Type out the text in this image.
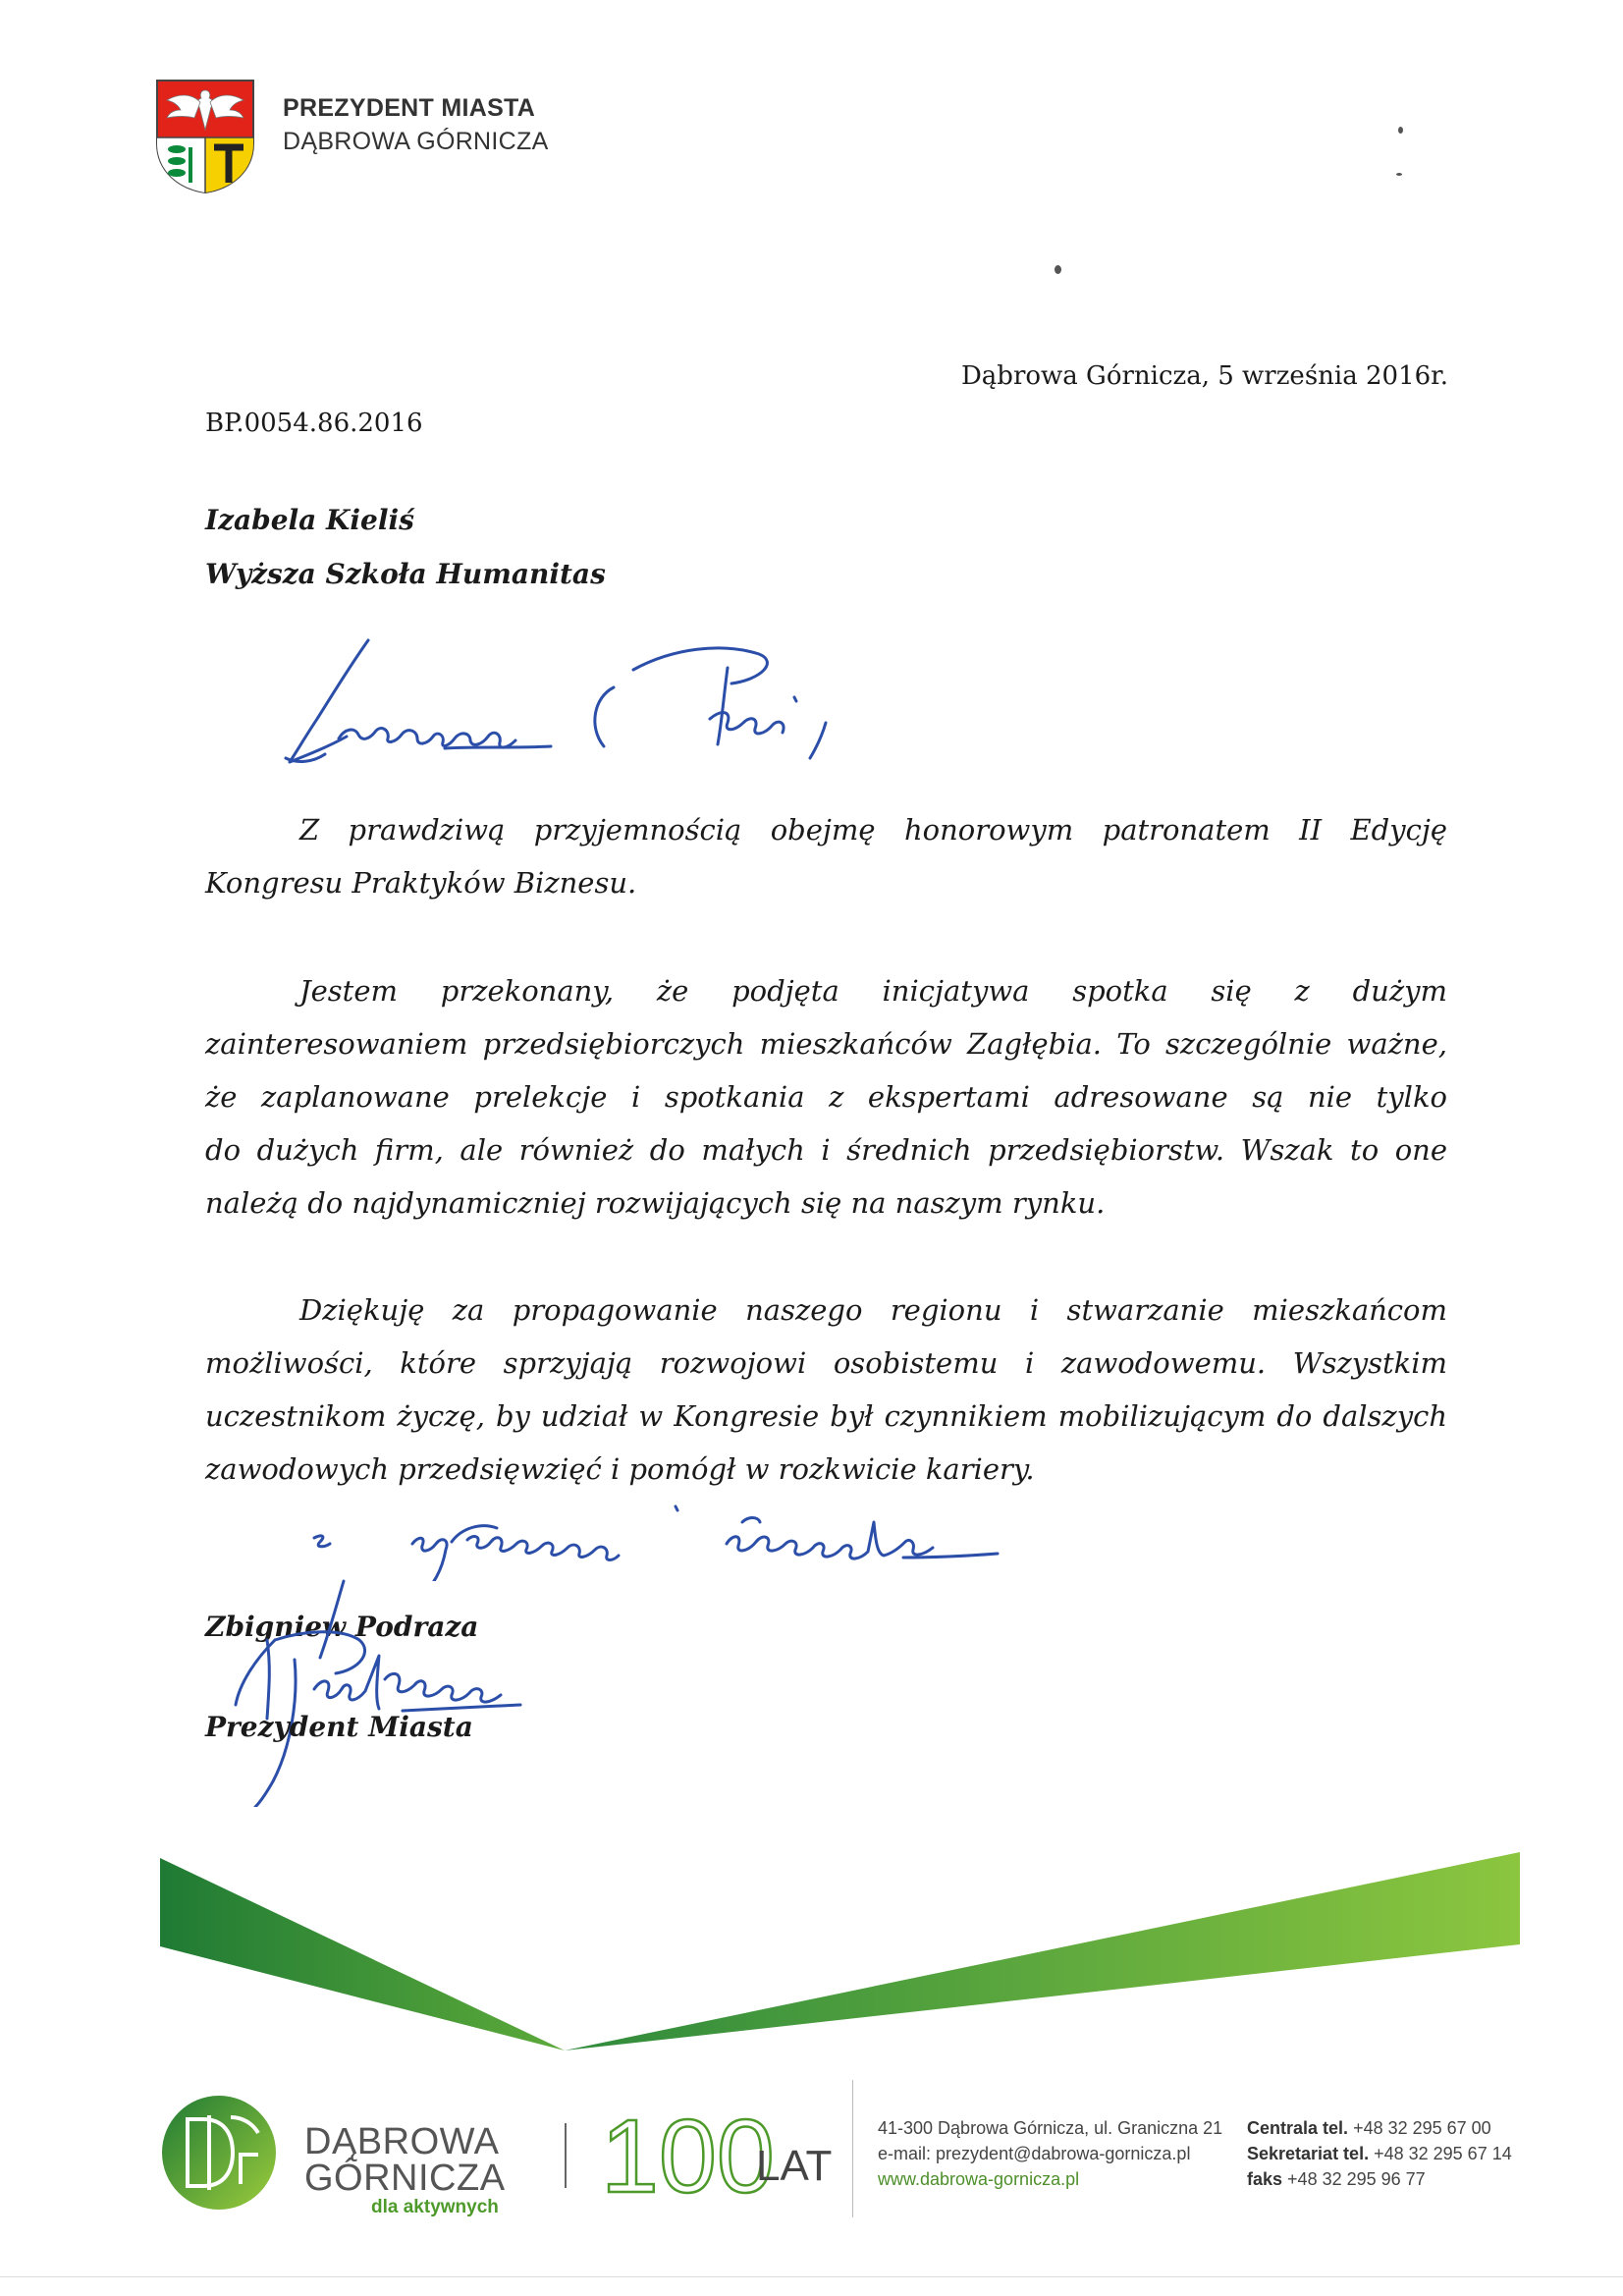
PREZYDENT MIASTA
DĄBROWA GÓRNICZA
Dąbrowa Górnicza, 5 września 2016r.
BP.0054.86.2016
Izabela Kieliś
Wyższa Szkoła Humanitas
Z prawdziwą przyjemnością obejmę honorowym patronatem II Edycję
Kongresu Praktyków Biznesu.
Jestem przekonany, że podjęta inicjatywa spotka się z dużym
zainteresowaniem przedsiębiorczych mieszkańców Zagłębia. To szczególnie ważne,
że zaplanowane prelekcje i spotkania z ekspertami adresowane są nie tylko
do dużych firm, ale również do małych i średnich przedsiębiorstw. Wszak to one
należą do najdynamiczniej rozwijających się na naszym rynku.
Dziękuję za propagowanie naszego regionu i stwarzanie mieszkańcom
możliwości, które sprzyjają rozwojowi osobistemu i zawodowemu. Wszystkim
uczestnikom życzę, by udział w Kongresie był czynnikiem mobilizującym do dalszych
zawodowych przedsięwzięć i pomógł w rozkwicie kariery.
Zbigniew Podraza
Prezydent Miasta
DĄBROWA
GÓRNICZA
dla aktywnych 100
LAT
41-300 Dąbrowa Górnicza, ul. Graniczna 21
e-mail: prezydent@dabrowa-gornicza.pl
www.dabrowa-gornicza.pl
Centrala tel. +48 32 295 67 00
Sekretariat tel. +48 32 295 67 14
faks +48 32 295 96 77
